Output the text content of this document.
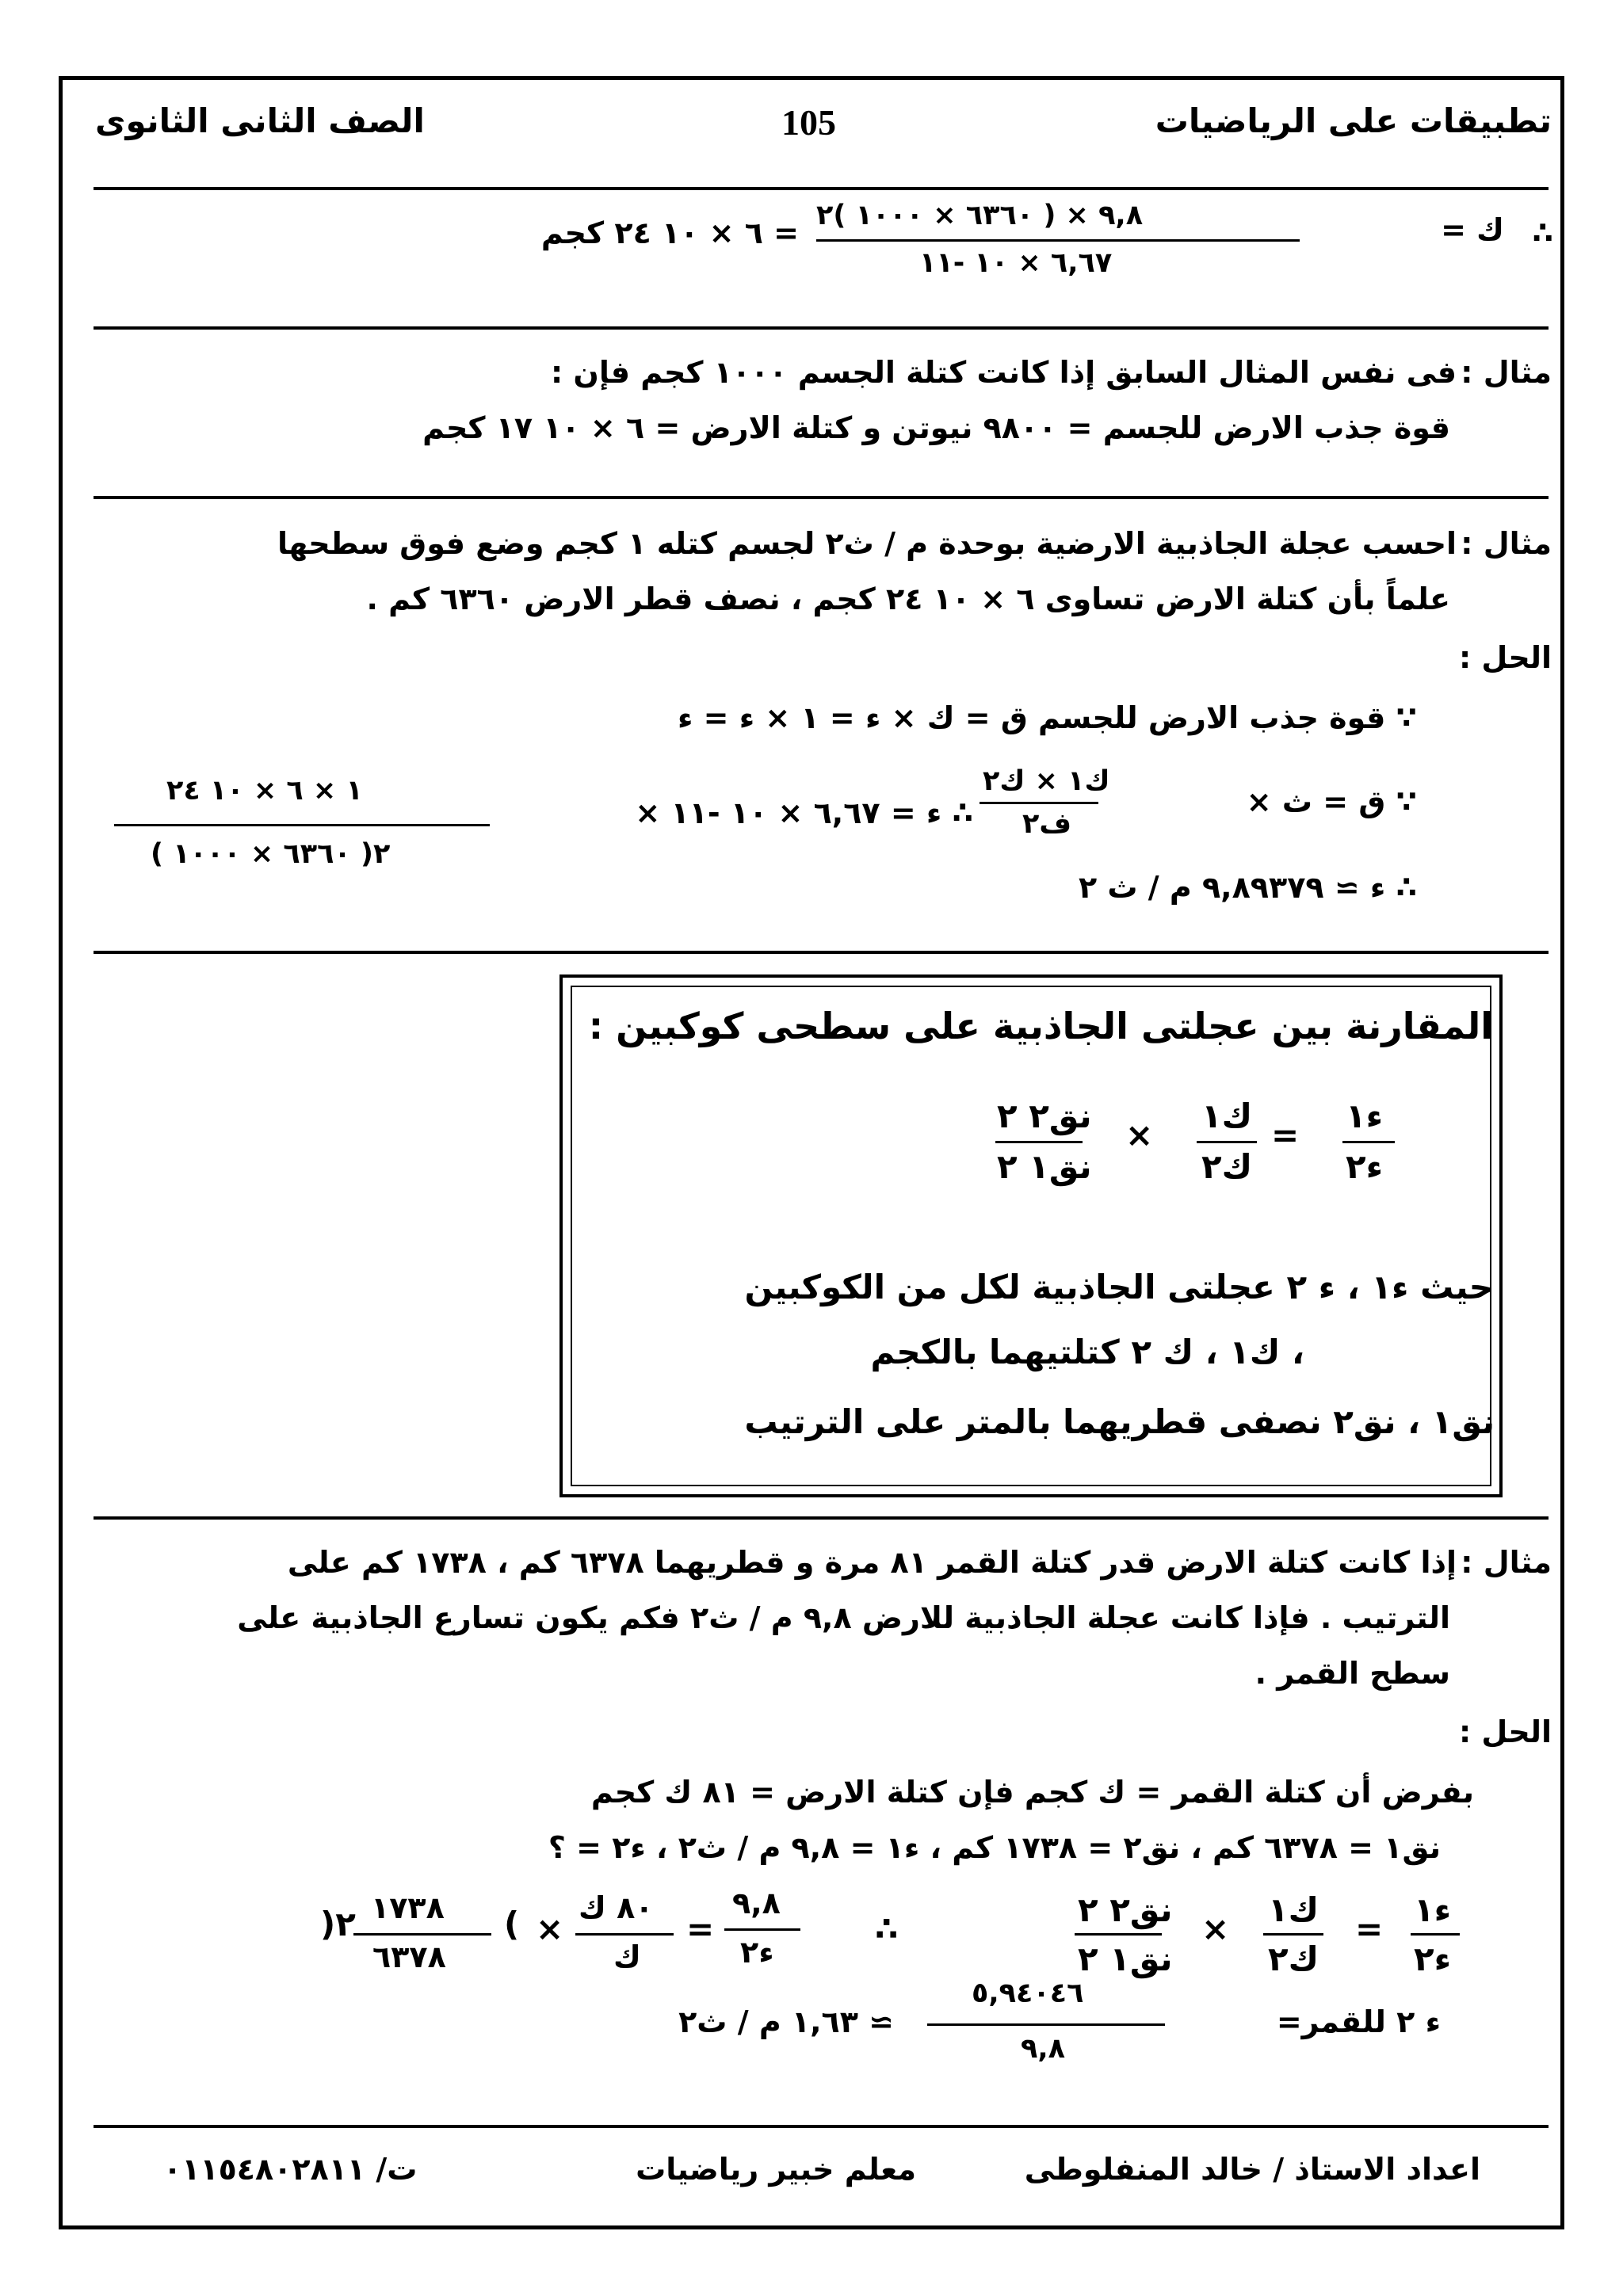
تطبيقات على الرياضيات
105
الصف الثانى الثانوى
∴
ك =
٩,٨ × ( ٦٣٦٠ × ١٠٠٠ )٢
٦,٦٧ × ١٠ -١١
= ٦ × ١٠ ٢٤ كجم
مثال :
فى نفس المثال السابق إذا كانت كتلة الجسم ١٠٠٠ كجم فإن :
قوة جذب الارض للجسم = ٩٨٠٠ نيوتن و كتلة الارض = ٦ × ١٠ ١٧ كجم
مثال :
احسب عجلة الجاذبية الارضية بوحدة م / ث٢ لجسم كتله ١ كجم وضع فوق سطحها
علماً بأن كتلة الارض تساوى ٦ × ١٠ ٢٤ كجم ، نصف قطر الارض ٦٣٦٠ كم .
الحل :
∵ قوة جذب الارض للجسم ق = ك × ء = ١ × ء = ء
∵ ق = ث ×
ك١ × ك٢
ف٢
∴ ء = ٦,٦٧ × ١٠ -١١ ×
١ × ٦ × ١٠ ٢٤
( ٦٣٦٠ × ١٠٠٠ )٢
∴ ء ≃ ٩,٨٩٣٧٩ م / ث ٢
المقارنة بين عجلتى الجاذبية على سطحى كوكبين :
ء١
ء٢
=
ك١
ك٢
×
نق٢ ٢
نق١ ٢
حيث ء١ ، ء ٢ عجلتى الجاذبية لكل من الكوكبين
، ك١ ، ك ٢ كتلتيهما بالكجم
نق١ ، نق٢ نصفى قطريهما بالمتر على الترتيب
مثال :
إذا كانت كتلة الارض قدر كتلة القمر ٨١ مرة و قطريهما ٦٣٧٨ كم ، ١٧٣٨ كم على
الترتيب . فإذا كانت عجلة الجاذبية للارض ٩,٨ م / ث٢ فكم يكون تسارع الجاذبية على
سطح القمر .
الحل :
بفرض أن كتلة القمر = ك كجم فإن كتلة الارض = ٨١ ك كجم
نق١ = ٦٣٧٨ كم ، نق٢ = ١٧٣٨ كم ، ء١ = ٩,٨ م / ث٢ ، ء٢ = ؟
ء١
ء٢
=
ك١
ك٢
×
نق٢ ٢
نق١ ٢
∴
٩,٨
ء٢
=
٨٠ ك
ك
×
(
١٧٣٨
٦٣٧٨
)٢
ء ٢ للقمر=
٥,٩٤٠٤٦
٩,٨
≃ ١,٦٣ م / ث٢
اعداد الاستاذ / خالد المنفلوطى
معلم خبير رياضيات
ت/ ٠١١٥٤٨٠٢٨١١
